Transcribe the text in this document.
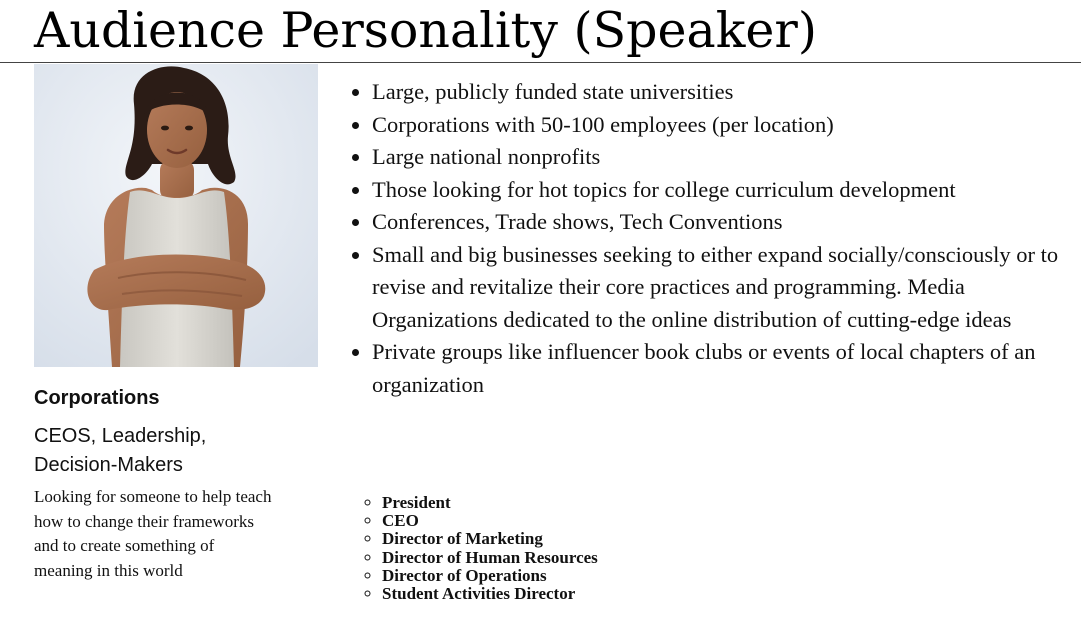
Audience Personality (Speaker)
Corporations
CEOS, Leadership, Decision-Makers
Looking for someone to help teach how to change their frameworks and to create something of meaning in this world
• Large, publicly funded state universities
• Corporations with 50-100 employees (per location)
• Large national nonprofits
• Those looking for hot topics for college curriculum development
• Conferences, Trade shows, Tech Conventions
• Small and big businesses seeking to either expand socially/consciously or to revise and revitalize their core practices and programming. Media Organizations dedicated to the online distribution of cutting-edge ideas
• Private groups like influencer book clubs or events of local chapters of an organization
◦ President
◦ CEO
◦ Director of Marketing
◦ Director of Human Resources
◦ Director of Operations
◦ Student Activities Director
